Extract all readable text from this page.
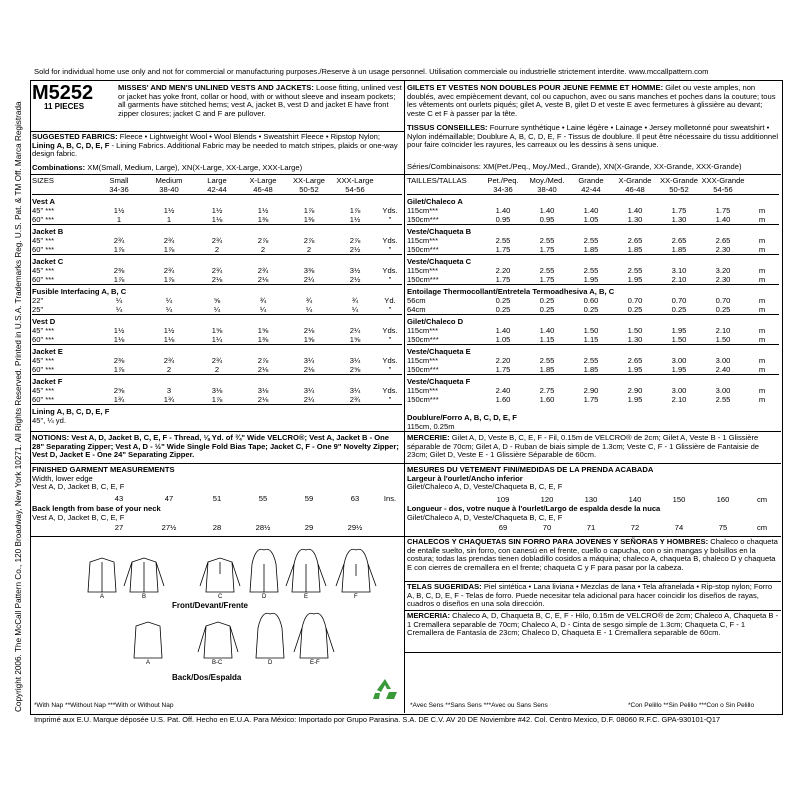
Sold for individual home use only and not for commercial or manufacturing purposes./Reserve à un usage personnel. Utilisation commerciale ou industrielle strictement interdite. www.mccallpattern.com
Copyright 2006. The McCall Pattern Co., 120 Broadway, New York 10271. All Rights Reserved. Printed in U.S.A. Trademarks Reg. U.S. Pat. & TM Off. Marca Registrada
M5252
11 PIECES
MISSES' AND MEN'S UNLINED VESTS AND JACKETS: Loose fitting, unlined vest or jacket has yoke front, collar or hood, with or without sleeve and inseam pockets; all garments have stitched hems; vest A, jacket B, vest D and jacket E have front zipper closures; jacket C and F are pullover.
SUGGESTED FABRICS: Fleece • Lightweight Wool • Wool Blends • Sweatshirt Fleece • Ripstop Nylon; Lining A, B, C, D, E, F - Lining Fabrics. Additional Fabric may be needed to match stripes, plaids or one-way design fabric.
Combinations: XM(Small, Medium, Large), XN(X-Large, XX-Large, XXX-Large)
SIZES	Small	Medium	Large	X-Large	XX-Large	XXX-Large	
	34-36	38-40	42-44	46-48	50-52	54-56	
Vest A							
45" ***	1½	1½	1½	1½	1⅞	1⅞	Yds.
60" ***	1	1	1⅛	1⅜	1⅜	1½	"
Jacket B							
45" ***	2¾	2¾	2¾	2⅞	2⅞	2⅞	Yds.
60" ***	1⅞	1⅞	2	2	2	2½	"
Jacket C							
45" ***	2⅜	2¾	2¾	2¾	3⅜	3½	Yds.
60" ***	1⅞	1⅞	2⅛	2⅛	2¼	2½	"
Fusible Interfacing A, B, C							
22"	¼	¼	⅝	¾	¾	¾	Yd.
25"	¼	¼	¼	¼	¼	¼	"
Vest D							
45" ***	1½	1½	1⅝	1⅝	2⅛	2¼	Yds.
60" ***	1⅛	1⅛	1¼	1⅜	1⅝	1⅝	"
Jacket E							
45" ***	2⅜	2¾	2¾	2⅞	3¼	3¼	Yds.
60" ***	1⅞	2	2	2⅛	2⅛	2⅝	"
Jacket F							
45" ***	2⅝	3	3⅛	3⅛	3¼	3¼	Yds.
60" ***	1¾	1¾	1⅞	2⅛	2¼	2¾	"
Lining A, B, C, D, E, F							
45", ¼ yd.							
NOTIONS: Vest A, D, Jacket B, C, E, F - Thread, ⅛ Yd. of ¾" Wide VELCRO®; Vest A, Jacket B - One 28" Separating Zipper; Vest A, D - ½" Wide Single Fold Bias Tape; Jacket C, F - One 9" Novelty Zipper; Vest D, Jacket E - One 24" Separating Zipper.
FINISHED GARMENT MEASUREMENTS
Width, lower edge
Vest A, D, Jacket B, C, E, F
	43	47	51	55	59	63	Ins.
Back length from base of your neck
Vest A, D, Jacket B, C, E, F
	27	27½	28	28½	29	29½	
A	B	C	D	E	F
A	B-C	D	E-F
Front/Devant/Frente
Back/Dos/Espalda
*With Nap **Without Nap ***With or Without Nap
GILETS ET VESTES NON DOUBLES POUR JEUNE FEMME ET HOMME: Gilet ou veste amples, non doublés, avec empiècement devant, col ou capuchon, avec ou sans manches et poches dans la couture; tous les vêtements ont ourlets piqués; gilet A, veste B, gilet D et veste E avec fermetures à glissière au devant; veste C et F à passer par la tête.
TISSUS CONSEILLES: Fourrure synthétique • Laine légère • Lainage • Jersey molletonné pour sweatshirt • Nylon indémaillable; Doublure A, B, C, D, E, F - Tissus de doublure. Il peut être nécessaire du tissu additionnel pour faire coïncider les rayures, les carreaux ou les dessins à sens unique.
Séries/Combinaisons: XM(Pet./Peq., Moy./Med., Grande), XN(X-Grande, XX-Grande, XXX-Grande)
TAILLES/TALLAS	Pet./Peq.	Moy./Med.	Grande	X-Grande	XX-Grande	XXX-Grande	
	34-36	38-40	42-44	46-48	50-52	54-56	
Gilet/Chaleco A							
115cm***	1.40	1.40	1.40	1.40	1.75	1.75	m
150cm***	0.95	0.95	1.05	1.30	1.30	1.40	m
Veste/Chaqueta B							
115cm***	2.55	2.55	2.55	2.65	2.65	2.65	m
150cm***	1.75	1.75	1.85	1.85	1.85	2.30	m
Veste/Chaqueta C							
115cm***	2.20	2.55	2.55	2.55	3.10	3.20	m
150cm***	1.75	1.75	1.95	1.95	2.10	2.30	m
Entoilage Thermocollant/Entretela Termoadhesiva A, B, C							
56cm	0.25	0.25	0.60	0.70	0.70	0.70	m
64cm	0.25	0.25	0.25	0.25	0.25	0.25	m
Gilet/Chaleco D							
115cm***	1.40	1.40	1.50	1.50	1.95	2.10	m
150cm***	1.05	1.15	1.15	1.30	1.50	1.50	m
Veste/Chaqueta E							
115cm***	2.20	2.55	2.55	2.65	3.00	3.00	m
150cm***	1.75	1.85	1.85	1.95	1.95	2.40	m
Veste/Chaqueta F							
115cm***	2.40	2.75	2.90	2.90	3.00	3.00	m
150cm***	1.60	1.60	1.75	1.95	2.10	2.55	m
Doublure/Forro A, B, C, D, E, F
115cm, 0.25m
MERCERIE: Gilet A, D, Veste B, C, E, F - Fil, 0.15m de VELCRO® de 2cm; Gilet A, Veste B - 1 Glissière séparable de 70cm; Gilet A, D - Ruban de biais simple de 1.3cm; Veste C, F - 1 Glissière de Fantaisie de 23cm; Gilet D, Veste E - 1 Glissière Séparable de 60cm.
MESURES DU VETEMENT FINI/MEDIDAS DE LA PRENDA ACABADA
Largeur à l'ourlet/Ancho inferior
Gilet/Chaleco A, D, Veste/Chaqueta B, C, E, F
	109	120	130	140	150	160	cm
Longueur - dos, votre nuque à l'ourlet/Largo de espalda desde la nuca
Gilet/Chaleco A, D, Veste/Chaqueta B, C, E, F
	69	70	71	72	74	75	cm
CHALECOS Y CHAQUETAS SIN FORRO PARA JOVENES Y SEÑORAS Y HOMBRES: Chaleco o chaqueta de entalle suelto, sin forro, con canesú en el frente, cuello o capucha, con o sin mangas y bolsillos en la costura; todas las prendas tienen dobladillo cosidos a máquina; chaleco A, chaqueta B, chaleco D y chaqueta E con cierres de cremallera en el frente; chaqueta C y F para pasar por la cabeza.
TELAS SUGERIDAS: Piel sintética • Lana liviana • Mezclas de lana • Tela afranelada • Rip-stop nylon; Forro A, B, C, D, E, F - Telas de forro. Puede necesitar tela adicional para hacer coincidir los diseños de rayas, cuadros o diseños en una sola dirección.
MERCERIA: Chaleco A, D, Chaqueta B, C, E, F - Hilo, 0.15m de VELCRO® de 2cm; Chaleco A, Chaqueta B - 1 Cremallera separable de 70cm; Chaleco A, D - Cinta de sesgo simple de 1.3cm; Chaqueta C, F - 1 Cremallera de Fantasía de 23cm; Chaleco D, Chaqueta E - 1 Cremallera separable de 60cm.
*Avec Sens **Sans Sens ***Avec ou Sans Sens	*Con Pelillo **Sin Pelillo ***Con o Sin Pelillo
Imprimé aux E.U. Marque déposée U.S. Pat. Off. Hecho en E.U.A. Para México: Importado por Grupo Parasina. S.A. DE C.V. AV 20 DE Noviembre #42. Col. Centro Mexico, D.F. 08060 R.F.C. GPA-930101-Q17
